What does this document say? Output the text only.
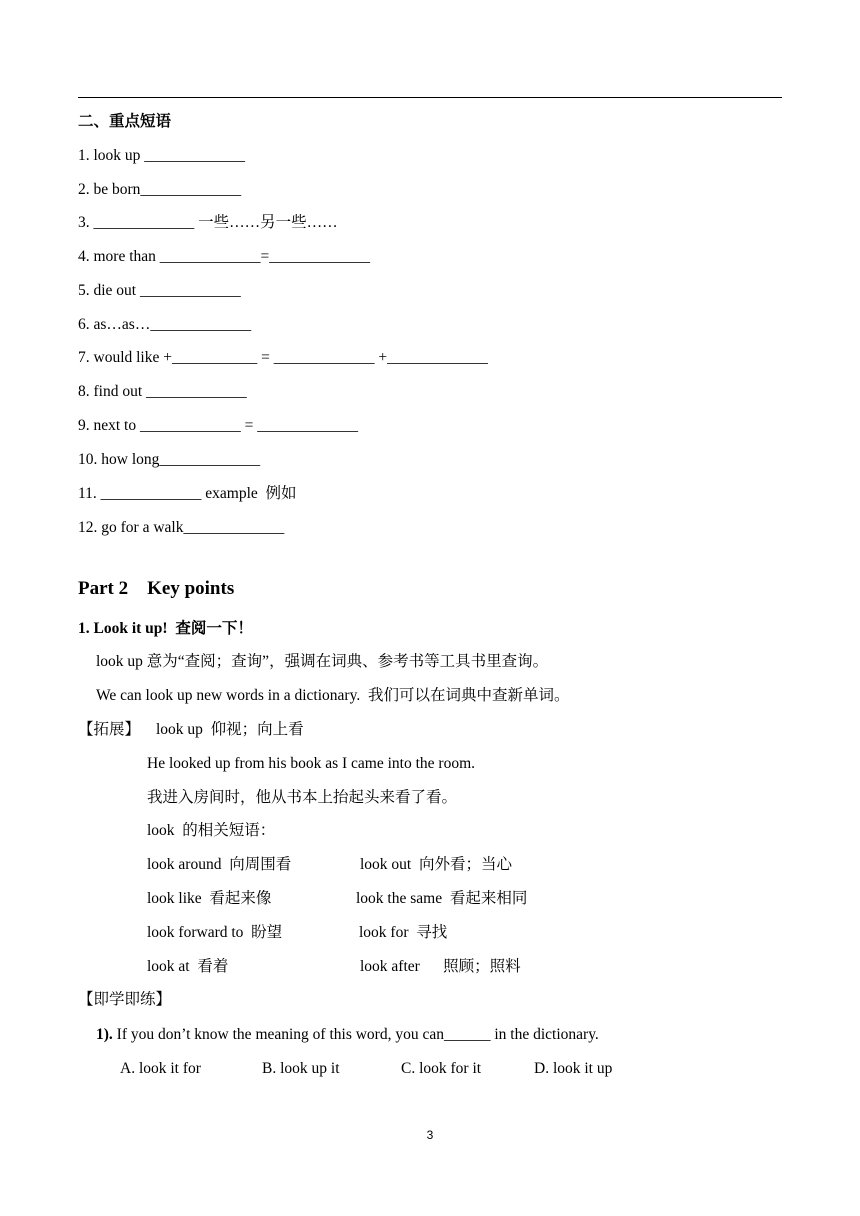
二、重点短语
1. look up _____________
2. be born_____________
3. _____________ 一些……另一些……
4. more than _____________=_____________
5. die out _____________
6. as…as…_____________
7. would like +___________ = _____________ +_____________
8. find out _____________
9. next to _____________ = _____________
10. how long_____________
11. _____________ example  例如
12. go for a walk_____________
Part 2    Key points
1. Look it up!  查阅一下！
look up 意为“查阅；查询”，强调在词典、参考书等工具书里查询。
We can look up new words in a dictionary.  我们可以在词典中查新单词。
【拓展】 look up  仰视；向上看
He looked up from his book as I came into the room.
我进入房间时，他从书本上抬起头来看了看。
look  的相关短语：
look around  向周围看	look out  向外看；当心
look like  看起来像	look the same  看起来相同
look forward to  盼望	look for  寻找
look at  看着	look after      照顾；照料
【即学即练】
1). If you don’t know the meaning of this word, you can______ in the dictionary.
A. look it for	B. look up it	C. look for it	D. look it up
3
